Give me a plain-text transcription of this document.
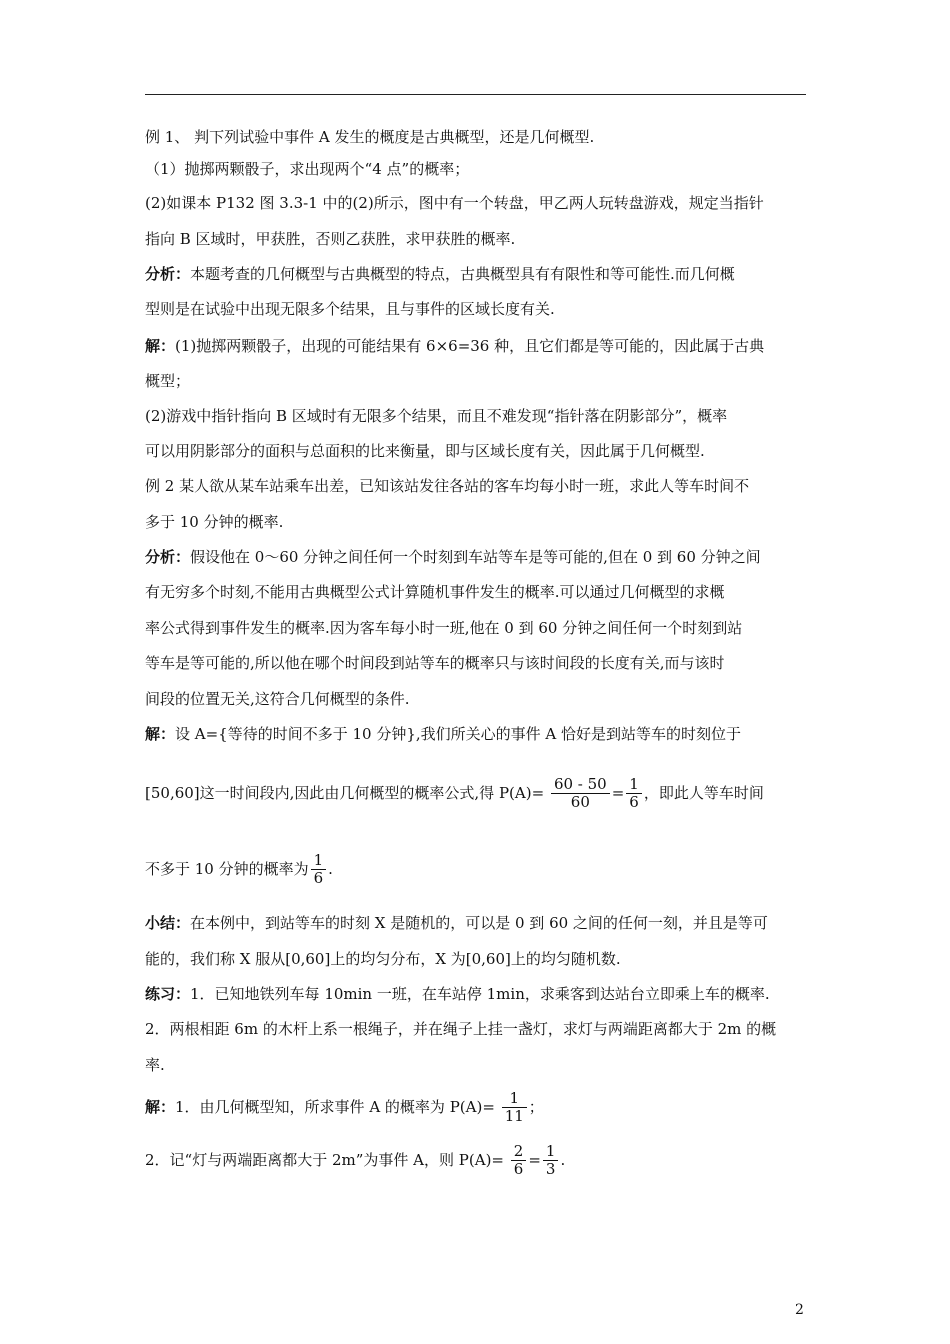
例 1、 判下列试验中事件 A 发生的概度是古典概型，还是几何概型.
（1）抛掷两颗骰子，求出现两个“4 点”的概率；
(2)如课本 P132 图 3.3-1 中的(2)所示，图中有一个转盘，甲乙两人玩转盘游戏，规定当指针
指向 B 区域时，甲获胜，否则乙获胜，求甲获胜的概率.
分析：本题考查的几何概型与古典概型的特点，古典概型具有有限性和等可能性.而几何概
型则是在试验中出现无限多个结果，且与事件的区域长度有关.
解：(1)抛掷两颗骰子，出现的可能结果有 6×6=36 种，且它们都是等可能的，因此属于古典
概型；
(2)游戏中指针指向 B 区域时有无限多个结果，而且不难发现“指针落在阴影部分”，概率
可以用阴影部分的面积与总面积的比来衡量，即与区域长度有关，因此属于几何概型.
例 2 某人欲从某车站乘车出差，已知该站发往各站的客车均每小时一班，求此人等车时间不
多于 10 分钟的概率.
分析：假设他在 0～60 分钟之间任何一个时刻到车站等车是等可能的,但在 0 到 60 分钟之间
有无穷多个时刻,不能用古典概型公式计算随机事件发生的概率.可以通过几何概型的求概
率公式得到事件发生的概率.因为客车每小时一班,他在 0 到 60 分钟之间任何一个时刻到站
等车是等可能的,所以他在哪个时间段到站等车的概率只与该时间段的长度有关,而与该时
间段的位置无关,这符合几何概型的条件.
解：设 A={等待的时间不多于 10 分钟},我们所关心的事件 A 恰好是到站等车的时刻位于
[50,60]这一时间段内,因此由几何概型的概率公式,得 $P(A)= \frac{60 - 50}{60} = \frac{1}{6}$ ，即此人等车时间
不多于 10 分钟的概率为 $\frac{1}{6}$ .
小结：在本例中，到站等车的时刻 X 是随机的，可以是 0 到 60 之间的任何一刻，并且是等可
能的，我们称 X 服从[0,60]上的均匀分布，X 为[0,60]上的均匀随机数.
练习：1．已知地铁列车每 10min 一班，在车站停 1min，求乘客到达站台立即乘上车的概率.
2．两根相距 6m 的木杆上系一根绳子，并在绳子上挂一盏灯，求灯与两端距离都大于 2m 的概
率.
解：1．由几何概型知，所求事件 A 的概率为 $P(A)= \frac{1}{11}$ ；
2．记“灯与两端距离都大于 2m”为事件 A，则 $P(A)= \frac{2}{6} = \frac{1}{3}$ .
2
